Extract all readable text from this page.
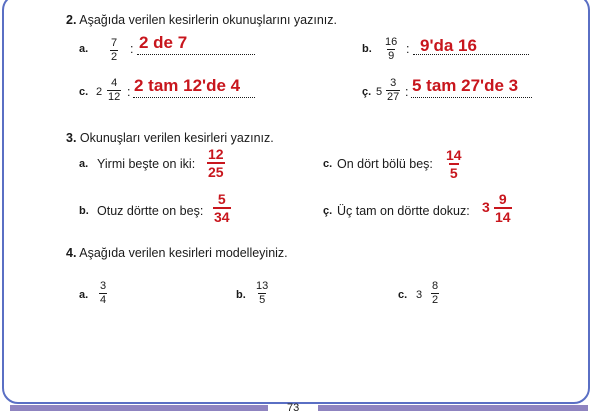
2. Aşağıda verilen kesirlerin okunuşlarını yazınız.
a. $\frac{7}{2}$ : 2 de 7	b. $\frac{16}{9}$ : 9'da 16
c. $2 \frac{4}{12}$ : 2 tam 12'de 4	ç. $5 \frac{3}{27}$ : 5 tam 27'de 3
3. Okunuşları verilen kesirleri yazınız.
a. Yirmi beşte on iki: $\frac{12}{25}$	c. On dört bölü beş: $\frac{14}{5}$
b. Otuz dörtte on beş: $\frac{5}{34}$	ç. Üç tam on dörtte dokuz: $3 \frac{9}{14}$
4. Aşağıda verilen kesirleri modelleyiniz.
a. $\frac{3}{4}$	b. $\frac{13}{5}$	c. $3 \frac{8}{2}$
73
